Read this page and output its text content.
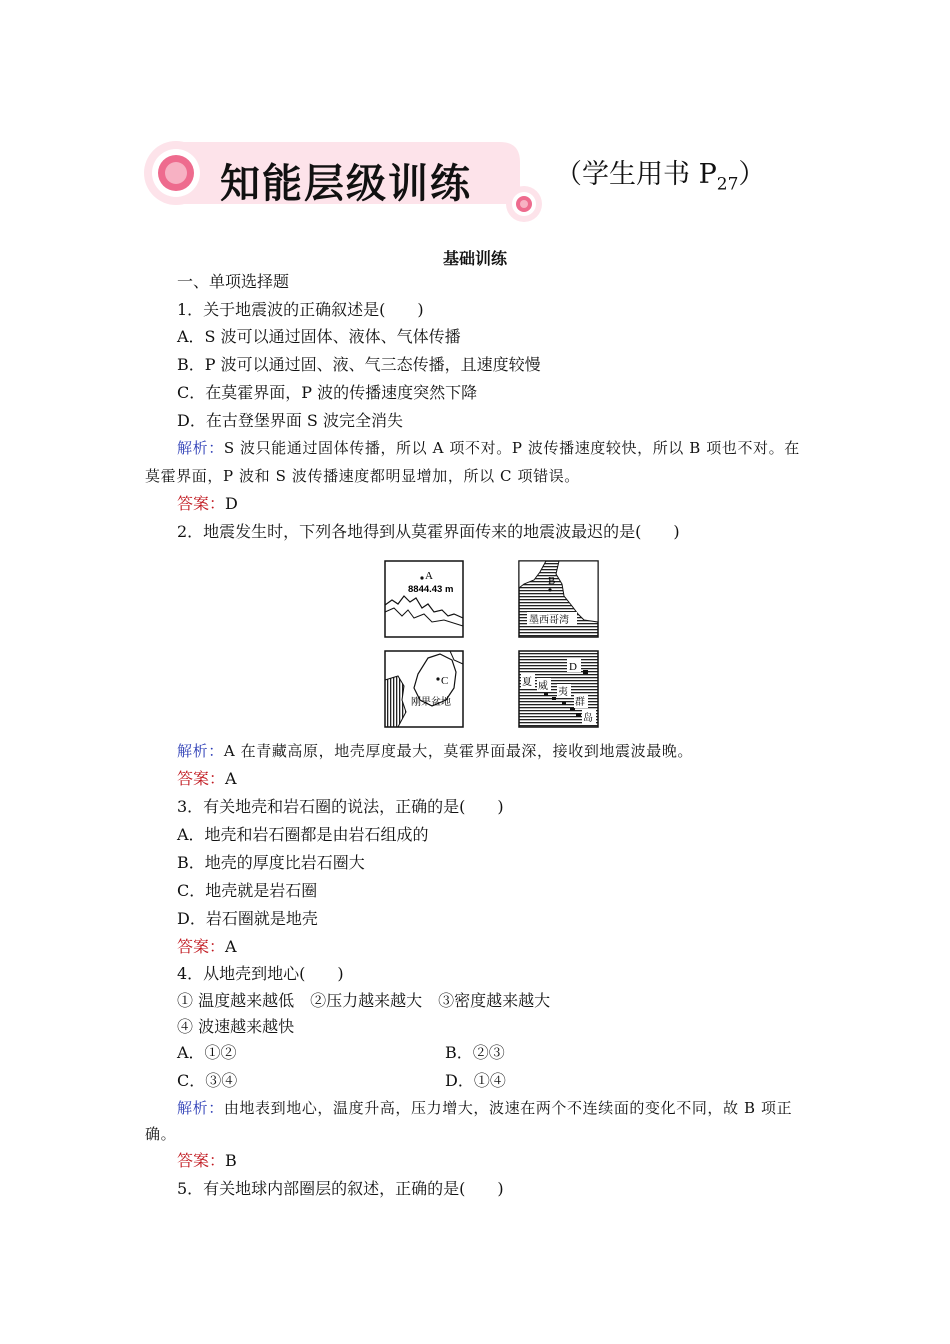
知能层级训练	（学生用书 $P_{27}$）
基础训练
一、单项选择题
1．关于地震波的正确叙述是(　　)
A．S 波可以通过固体、液体、气体传播
B．P 波可以通过固、液、气三态传播，且速度较慢
C．在莫霍界面，P 波的传播速度突然下降
D．在古登堡界面 S 波完全消失
解析：S 波只能通过固体传播，所以 A 项不对。P 波传播速度较快，所以 B 项也不对。在
莫霍界面，P 波和 S 波传播速度都明显增加，所以 C 项错误。
答案：D
2．地震发生时，下列各地得到从莫霍界面传来的地震波最迟的是(　　)
A
8844.43 m
B
墨西哥湾
C
刚果盆地
D
夏 威
夷
群
岛
解析：A 在青藏高原，地壳厚度最大，莫霍界面最深，接收到地震波最晚。
答案：A
3．有关地壳和岩石圈的说法，正确的是(　　)
A．地壳和岩石圈都是由岩石组成的
B．地壳的厚度比岩石圈大
C．地壳就是岩石圈
D．岩石圈就是地壳
答案：A
4．从地壳到地心(　　)
① 温度越来越低　②压力越来越大　③密度越来越大
④ 波速越来越快
A．①②	B．②③
C．③④	D．①④
解析：由地表到地心，温度升高，压力增大，波速在两个不连续面的变化不同，故 B 项正
确。
答案：B
5．有关地球内部圈层的叙述，正确的是(　　)
